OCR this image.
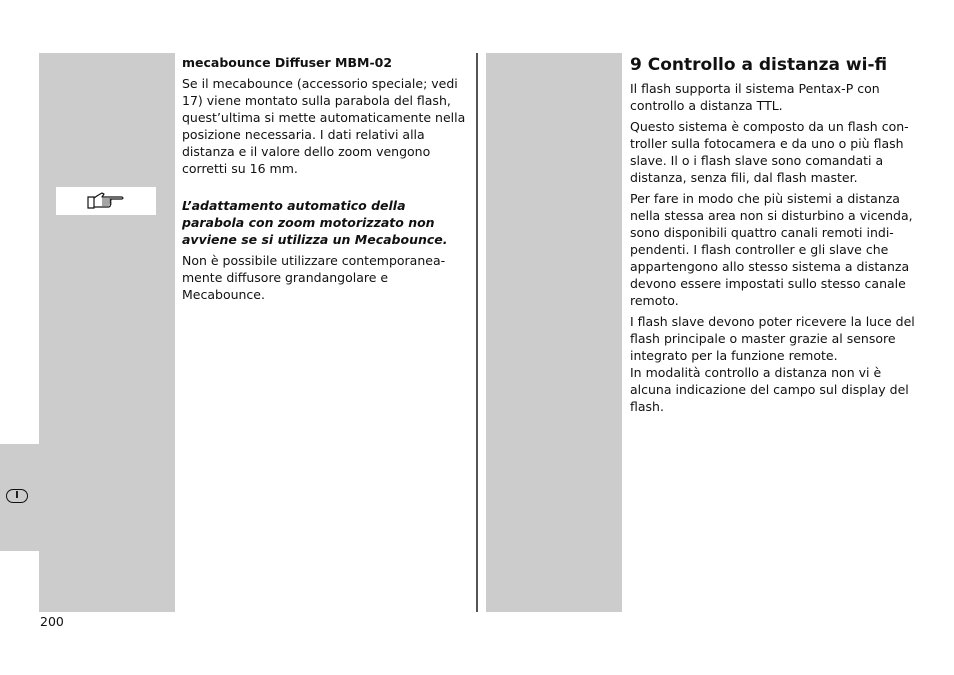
I

mecabounce Diffuser MBM-02

Se il mecabounce (accessorio speciale; vedi 17) viene montato sulla parabola del flash, quest’ultima si mette automaticamente nella posizione necessaria. I dati relativi alla distanza e il valore dello zoom vengono corretti su 16 mm.

L’adattamento automatico della parabola con zoom motorizzato non avviene se si utilizza un Mecabounce.

Non è possibile utilizzare contemporanea-mente diffusore grandangolare e Mecabounce.

9 Controllo a distanza wi-fi

Il flash supporta il sistema Pentax-P con controllo a distanza TTL.

Questo sistema è composto da un flash con-troller sulla fotocamera e da uno o più flash slave. Il o i flash slave sono comandati a distanza, senza fili, dal flash master.

Per fare in modo che più sistemi a distanza nella stessa area non si disturbino a vicenda, sono disponibili quattro canali remoti indi-pendenti. I flash controller e gli slave che appartengono allo stesso sistema a distanza devono essere impostati sullo stesso canale remoto.

I flash slave devono poter ricevere la luce del flash principale o master grazie al sensore integrato per la funzione remote.

In modalità controllo a distanza non vi è alcuna indicazione del campo sul display del flash.

200
